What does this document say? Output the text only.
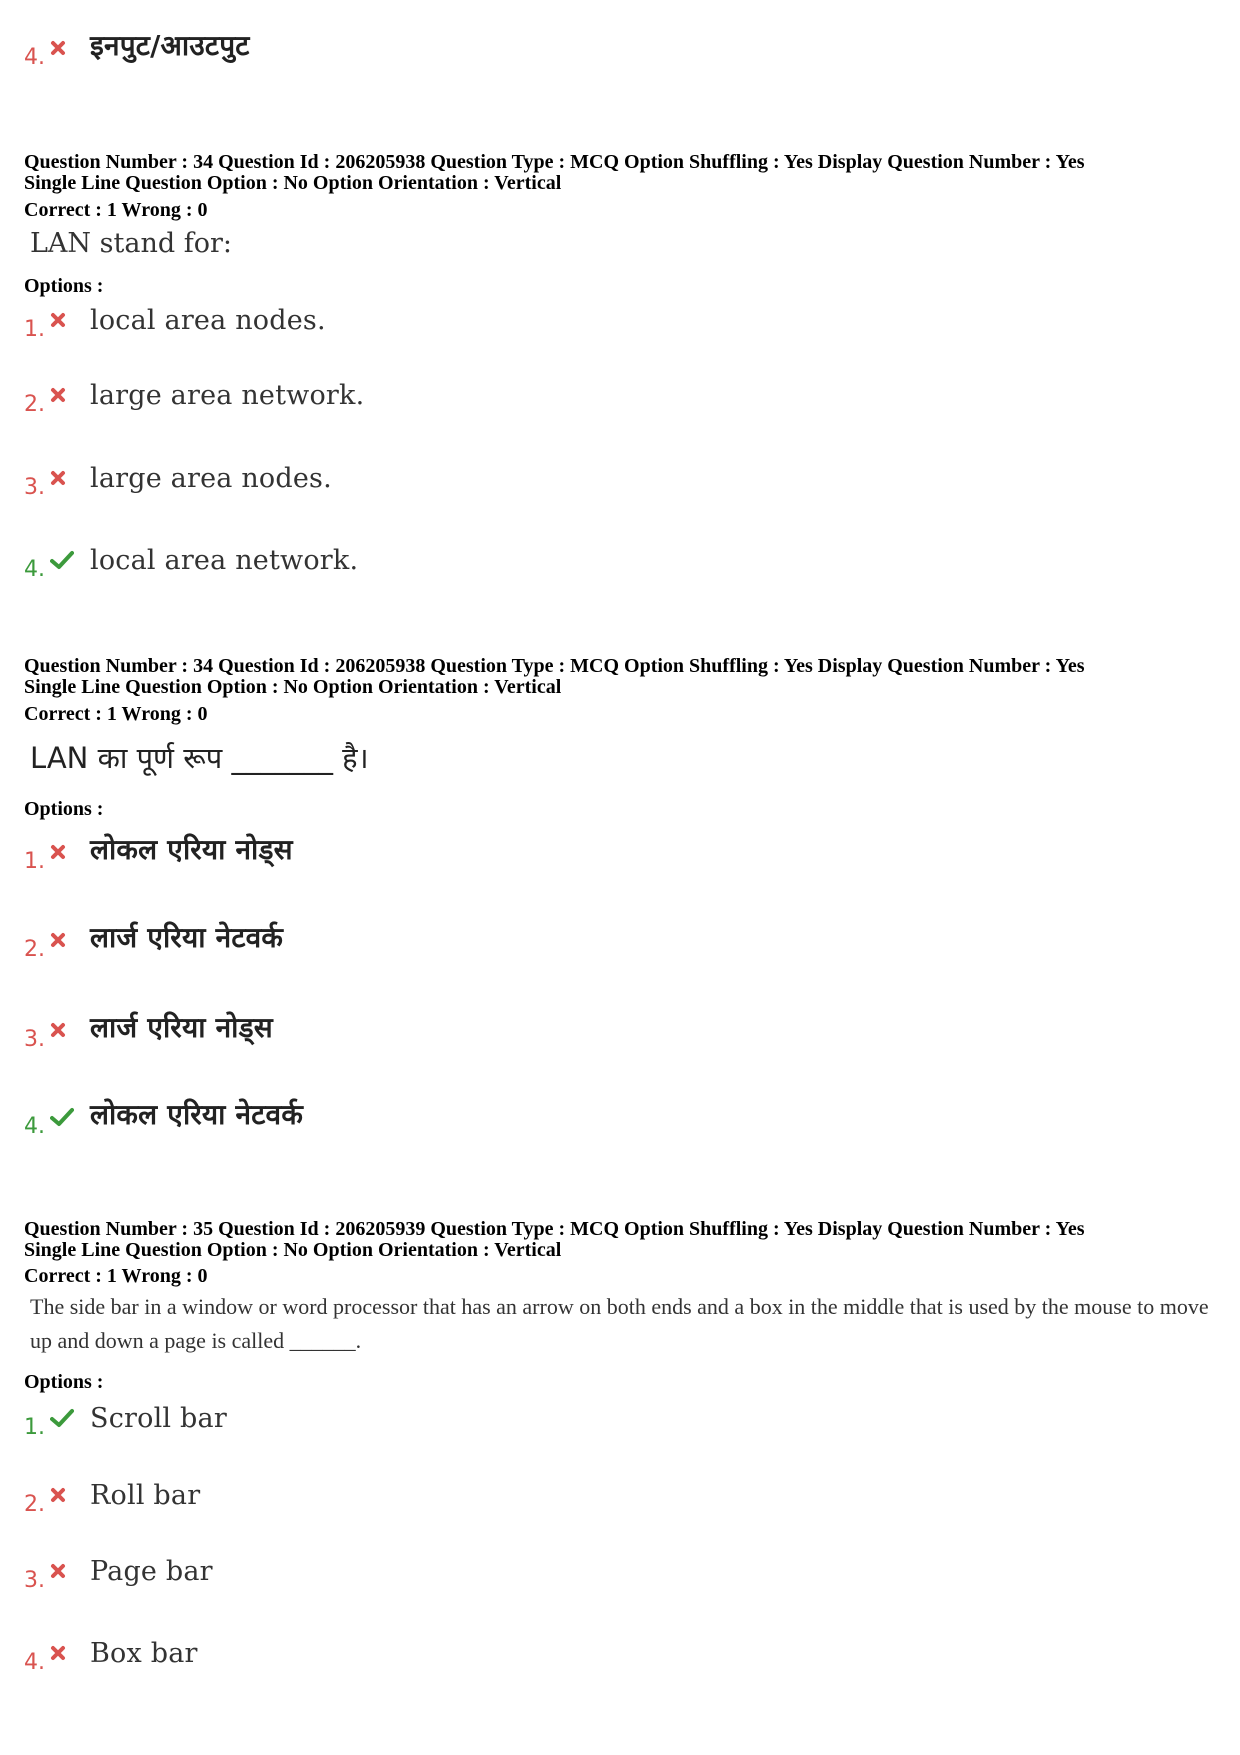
4. इनपुट/आउटपुट
Question Number : 34 Question Id : 206205938 Question Type : MCQ Option Shuffling : Yes Display Question Number : Yes
Single Line Question Option : No Option Orientation : Vertical
Correct : 1 Wrong : 0
LAN stand for:
Options :
1. local area nodes.
2. large area network.
3. large area nodes.
4. local area network.
Question Number : 34 Question Id : 206205938 Question Type : MCQ Option Shuffling : Yes Display Question Number : Yes
Single Line Question Option : No Option Orientation : Vertical
Correct : 1 Wrong : 0
LAN का पूर्ण रूप _______ है।
Options :
1. लोकल एरिया नोड्स
2. लार्ज एरिया नेटवर्क
3. लार्ज एरिया नोड्स
4. लोकल एरिया नेटवर्क
Question Number : 35 Question Id : 206205939 Question Type : MCQ Option Shuffling : Yes Display Question Number : Yes
Single Line Question Option : No Option Orientation : Vertical
Correct : 1 Wrong : 0
The side bar in a window or word processor that has an arrow on both ends and a box in the middle that is used by the mouse to move up and down a page is called ______.
Options :
1. Scroll bar
2. Roll bar
3. Page bar
4. Box bar
